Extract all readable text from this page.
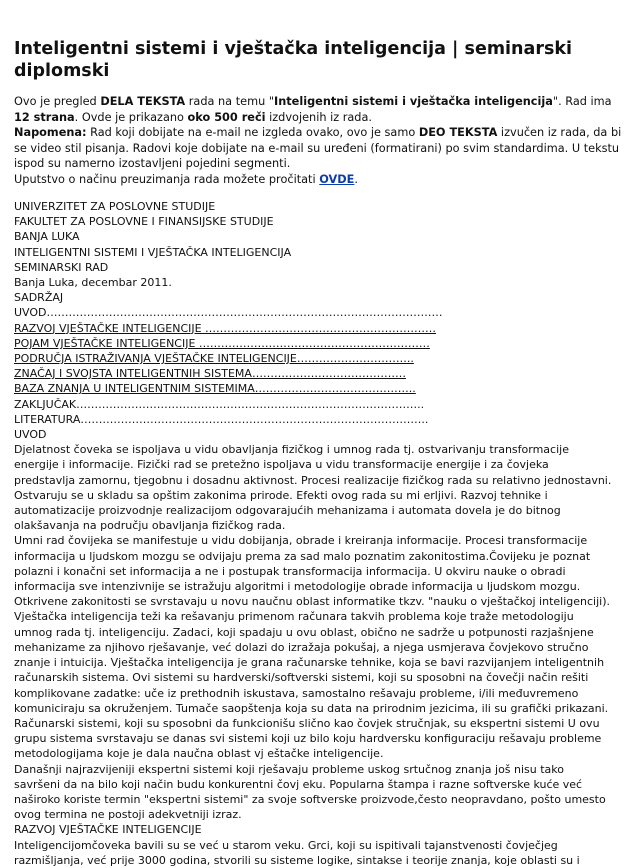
Inteligentni sistemi i vještačka inteligencija | seminarski diplomski
Ovo je pregled DELA TEKSTA rada na temu "Inteligentni sistemi i vještačka inteligencija". Rad ima 12 strana. Ovde je prikazano oko 500 reči izdvojenih iz rada.
Napomena: Rad koji dobijate na e-mail ne izgleda ovako, ovo je samo DEO TEKSTA izvučen iz rada, da bi se video stil pisanja. Radovi koje dobijate na e-mail su uređeni (formatirani) po svim standardima. U tekstu ispod su namerno izostavljeni pojedini segmenti.
Uputstvo o načinu preuzimanja rada možete pročitati OVDE.
UNIVERZITET ZA POSLOVNE STUDIJE
FAKULTET ZA POSLOVNE I FINANSIJSKE STUDIJE
BANJA LUKA
INTELIGENTNI SISTEMI I VJEŠTAČKA INTELIGENCIJA
SEMINARSKI RAD
Banja Luka, decembar 2011.
SADRŽAJ
UVOD………………………………………………………………………………………………
RAZVOJ VJEŠTAČKE INTELIGENCIJE ………………………………………………………
POJAM VJEŠTAČKE INTELIGENCIJE ………………………………………………………
PODRUČJA ISTRAŽIVANJA VJEŠTAČKE INTELIGENCIJE…………………………..
ZNAČAJ I SVOJSTA INTELIGENTNIH SISTEMA……………………………………
BAZA ZNANJA U INTELIGENTNIM SISTEMIMA……………………………………..
ZAKLJUČAK…………………………………………………………………………………..
LITERATURA…………………………………………………………………………………..
UVOD
Djelatnost čoveka se ispoljava u vidu obavljanja fizičkog i umnog rada tj. ostvarivanju transformacije
energije i informacije. Fizički rad se pretežno ispoljava u vidu transformacije energije i za čovjeka
predstavlja zamornu, tjegobnu i dosadnu aktivnost. Procesi realizacije fizičkog rada su relativno jednostavni.
Ostvaruju se u skladu sa opštim zakonima prirode. Efekti ovog rada su mi erljivi. Razvoj tehnike i
automatizacije proizvodnje realizacijom odgovarajućih mehanizama i automata dovela je do bitnog
olakšavanja na području obavljanja fizičkog rada.
Umni rad čovijeka se manifestuje u vidu dobijanja, obrade i kreiranja informacije. Procesi transformacije
informacija u ljudskom mozgu se odvijaju prema za sad malo poznatim zakonitostima.Čovijeku je poznat
polazni i konačni set informacija a ne i postupak transformacija informacija. U okviru nauke o obradi
informacija sve intenzivnije se istražuju algoritmi i metodologije obrade informacija u ljudskom mozgu.
Otkrivene zakonitosti se svrstavaju u novu naučnu oblast informatike tkzv. "nauku o vještačkoj inteligenciji).
Vještačka inteligencija teži ka rešavanju primenom računara takvih problema koje traže metodologiju
umnog rada tj. inteligenciju. Zadaci, koji spadaju u ovu oblast, obično ne sadrže u potpunosti razjašnjene
mehanizame za njihovo rješavanje, već dolazi do izražaja pokušaj, a njega usmjerava čovjekovo stručno
znanje i intuicija. Vještačka inteligencija je grana računarske tehnike, koja se bavi razvijanjem inteligentnih
računarskih sistema. Ovi sistemi su hardverski/softverski sistemi, koji su sposobni na čovečji način rešiti
komplikovane zadatke: uče iz prethodnih iskustava, samostalno rešavaju probleme, i/ili međuvremeno
komuniciraju sa okruženjem. Tumače saopštenja koja su data na prirodnim jezicima, ili su grafički prikazani.
Računarski sistemi, koji su sposobni da funkcionišu slično kao čovjek stručnjak, su ekspertni sistemi U ovu
grupu sistema svrstavaju se danas svi sistemi koji uz bilo koju hardversku konfiguraciju rešavaju probleme
metodologijama koje je dala naučna oblast vj eštačke inteligencije.
Današnji najrazvijeniji ekspertni sistemi koji rješavaju probleme uskog srtučnog znanja još nisu tako
savršeni da na bilo koji način budu konkurentni čovj eku. Popularna štampa i razne softverske kuće već
naširoko koriste termin "ekspertni sistemi" za svoje softverske proizvode,često neopravdano, pošto umesto
ovog termina ne postoji adekvetniji izraz.
RAZVOJ VJEŠTAČKE INTELIGENCIJE
Inteligencijomčoveka bavili su se već u starom veku. Grci, koji su ispitivali tajanstvenosti čovječjeg
razmišljanja, već prije 3000 godina, stvorili su sisteme logike, sintakse i teorije znanja, koje oblasti su i
